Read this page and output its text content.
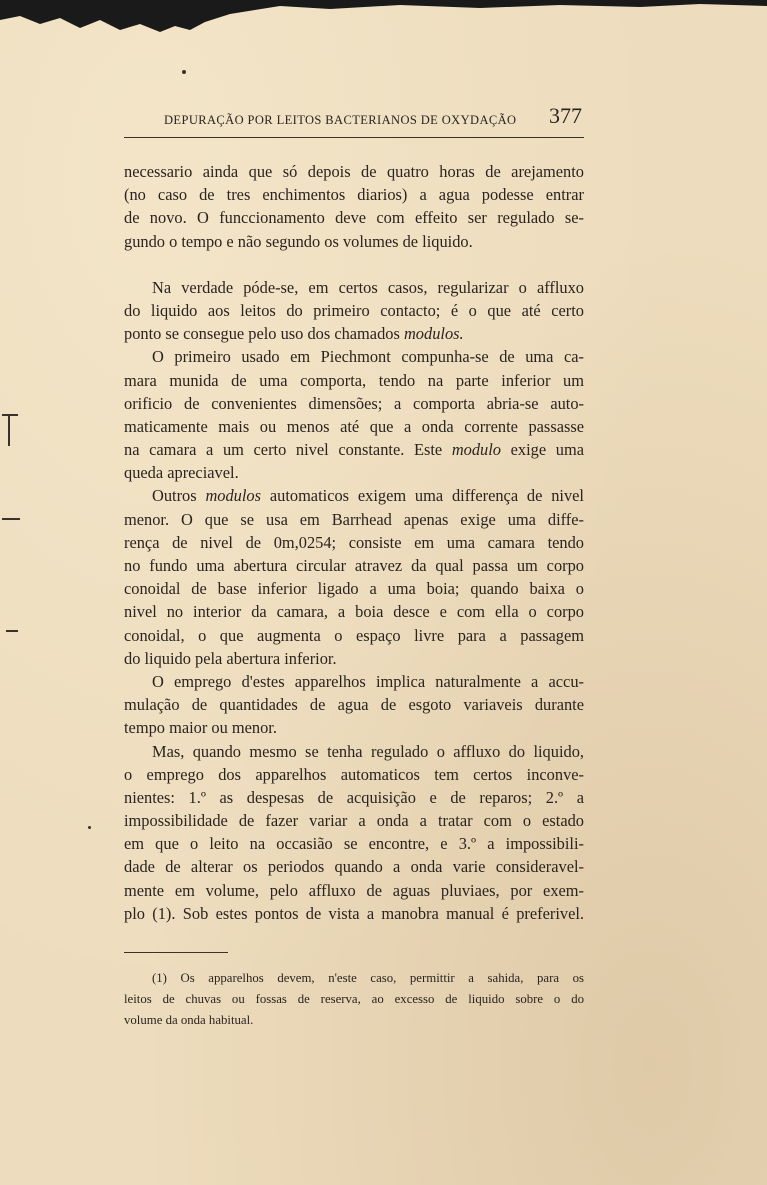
DEPURAÇÃO POR LEITOS BACTERIANOS DE OXYDAÇÃO 377
necessario ainda que só depois de quatro horas de arejamento
(no caso de tres enchimentos diarios) a agua podesse entrar
de novo. O funccionamento deve com effeito ser regulado se-
gundo o tempo e não segundo os volumes de liquido.
Na verdade póde-se, em certos casos, regularizar o affluxo
do liquido aos leitos do primeiro contacto; é o que até certo
ponto se consegue pelo uso dos chamados modulos.
O primeiro usado em Piechmont compunha-se de uma ca-
mara munida de uma comporta, tendo na parte inferior um
orificio de convenientes dimensões; a comporta abria-se auto-
maticamente mais ou menos até que a onda corrente passasse
na camara a um certo nivel constante. Este modulo exige uma
queda apreciavel.
Outros modulos automaticos exigem uma differença de nivel
menor. O que se usa em Barrhead apenas exige uma diffe-
rença de nivel de 0m,0254; consiste em uma camara tendo
no fundo uma abertura circular atravez da qual passa um corpo
conoidal de base inferior ligado a uma boia; quando baixa o
nivel no interior da camara, a boia desce e com ella o corpo
conoidal, o que augmenta o espaço livre para a passagem
do liquido pela abertura inferior.
O emprego d'estes apparelhos implica naturalmente a accu-
mulação de quantidades de agua de esgoto variaveis durante
tempo maior ou menor.
Mas, quando mesmo se tenha regulado o affluxo do liquido,
o emprego dos apparelhos automaticos tem certos inconve-
nientes: 1.º as despesas de acquisição e de reparos; 2.º a
impossibilidade de fazer variar a onda a tratar com o estado
em que o leito na occasião se encontre, e 3.º a impossibili-
dade de alterar os periodos quando a onda varie consideravel-
mente em volume, pelo affluxo de aguas pluviaes, por exem-
plo (1). Sob estes pontos de vista a manobra manual é preferivel.
(1) Os apparelhos devem, n'este caso, permittir a sahida, para os
leitos de chuvas ou fossas de reserva, ao excesso de liquido sobre o do
volume da onda habitual.
